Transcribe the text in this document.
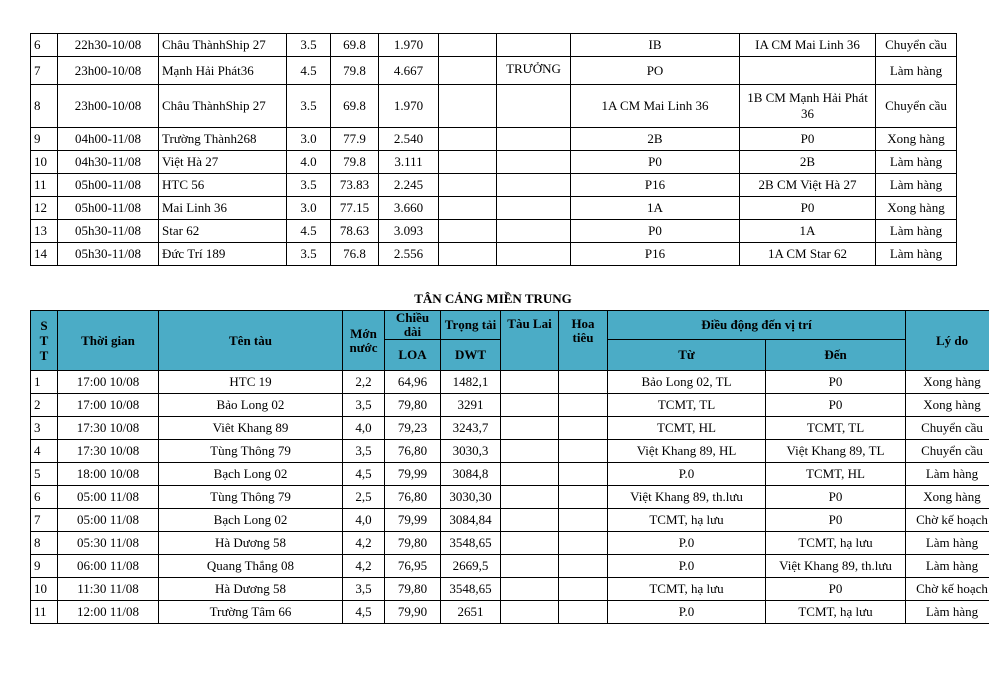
6	22h30-10/08	Châu ThànhShip 27	3.5	69.8	1.970			IB	IA CM Mai Linh 36	Chuyển cầu
7	23h00-10/08	Mạnh Hải Phát36	4.5	79.8	4.667		TRƯỞNG	PO		Làm hàng
8	23h00-10/08	Châu ThànhShip 27	3.5	69.8	1.970			1A CM Mai Linh 36	1B CM Mạnh Hải Phát 36	Chuyển cầu
9	04h00-11/08	Trường Thành268	3.0	77.9	2.540			2B	P0	Xong hàng
10	04h30-11/08	Việt Hà 27	4.0	79.8	3.111			P0	2B	Làm hàng
11	05h00-11/08	HTC 56	3.5	73.83	2.245			P16	2B CM Việt Hà 27	Làm hàng
12	05h00-11/08	Mai Linh 36	3.0	77.15	3.660			1A	P0	Xong hàng
13	05h30-11/08	Star 62	4.5	78.63	3.093			P0	1A	Làm hàng
14	05h30-11/08	Đức Trí 189	3.5	76.8	2.556			P16	1A CM Star 62	Làm hàng
TÂN CẢNG MIỀN TRUNG
S
T
T	Thời gian	Tên tàu	Mớn nước	Chiều dài	Trọng tải	Tàu Lai	Hoa tiêu	Điều động đến vị trí		Lý do
				LOA	DWT			Từ	Đến	
1	17:00 10/08	HTC 19	2,2	64,96	1482,1			Bảo Long 02, TL	P0	Xong hàng
2	17:00 10/08	Bảo Long 02	3,5	79,80	3291			TCMT, TL	P0	Xong hàng
3	17:30 10/08	Viêt Khang 89	4,0	79,23	3243,7			TCMT, HL	TCMT, TL	Chuyển cầu
4	17:30 10/08	Tùng Thông 79	3,5	76,80	3030,3			Việt Khang 89, HL	Việt Khang 89, TL	Chuyển cầu
5	18:00 10/08	Bạch Long 02	4,5	79,99	3084,8			P.0	TCMT, HL	Làm hàng
6	05:00 11/08	Tùng Thông 79	2,5	76,80	3030,30			Việt Khang 89, th.lưu	P0	Xong hàng
7	05:00 11/08	Bạch Long 02	4,0	79,99	3084,84			TCMT, hạ lưu	P0	Chờ kế hoạch
8	05:30 11/08	Hà Dương 58	4,2	79,80	3548,65			P.0	TCMT, hạ lưu	Làm hàng
9	06:00 11/08	Quang Thắng 08	4,2	76,95	2669,5			P.0	Việt Khang 89, th.lưu	Làm hàng
10	11:30 11/08	Hà Dương 58	3,5	79,80	3548,65			TCMT, hạ lưu	P0	Chờ kế hoạch
11	12:00 11/08	Trường Tâm 66	4,5	79,90	2651			P.0	TCMT, hạ lưu	Làm hàng
